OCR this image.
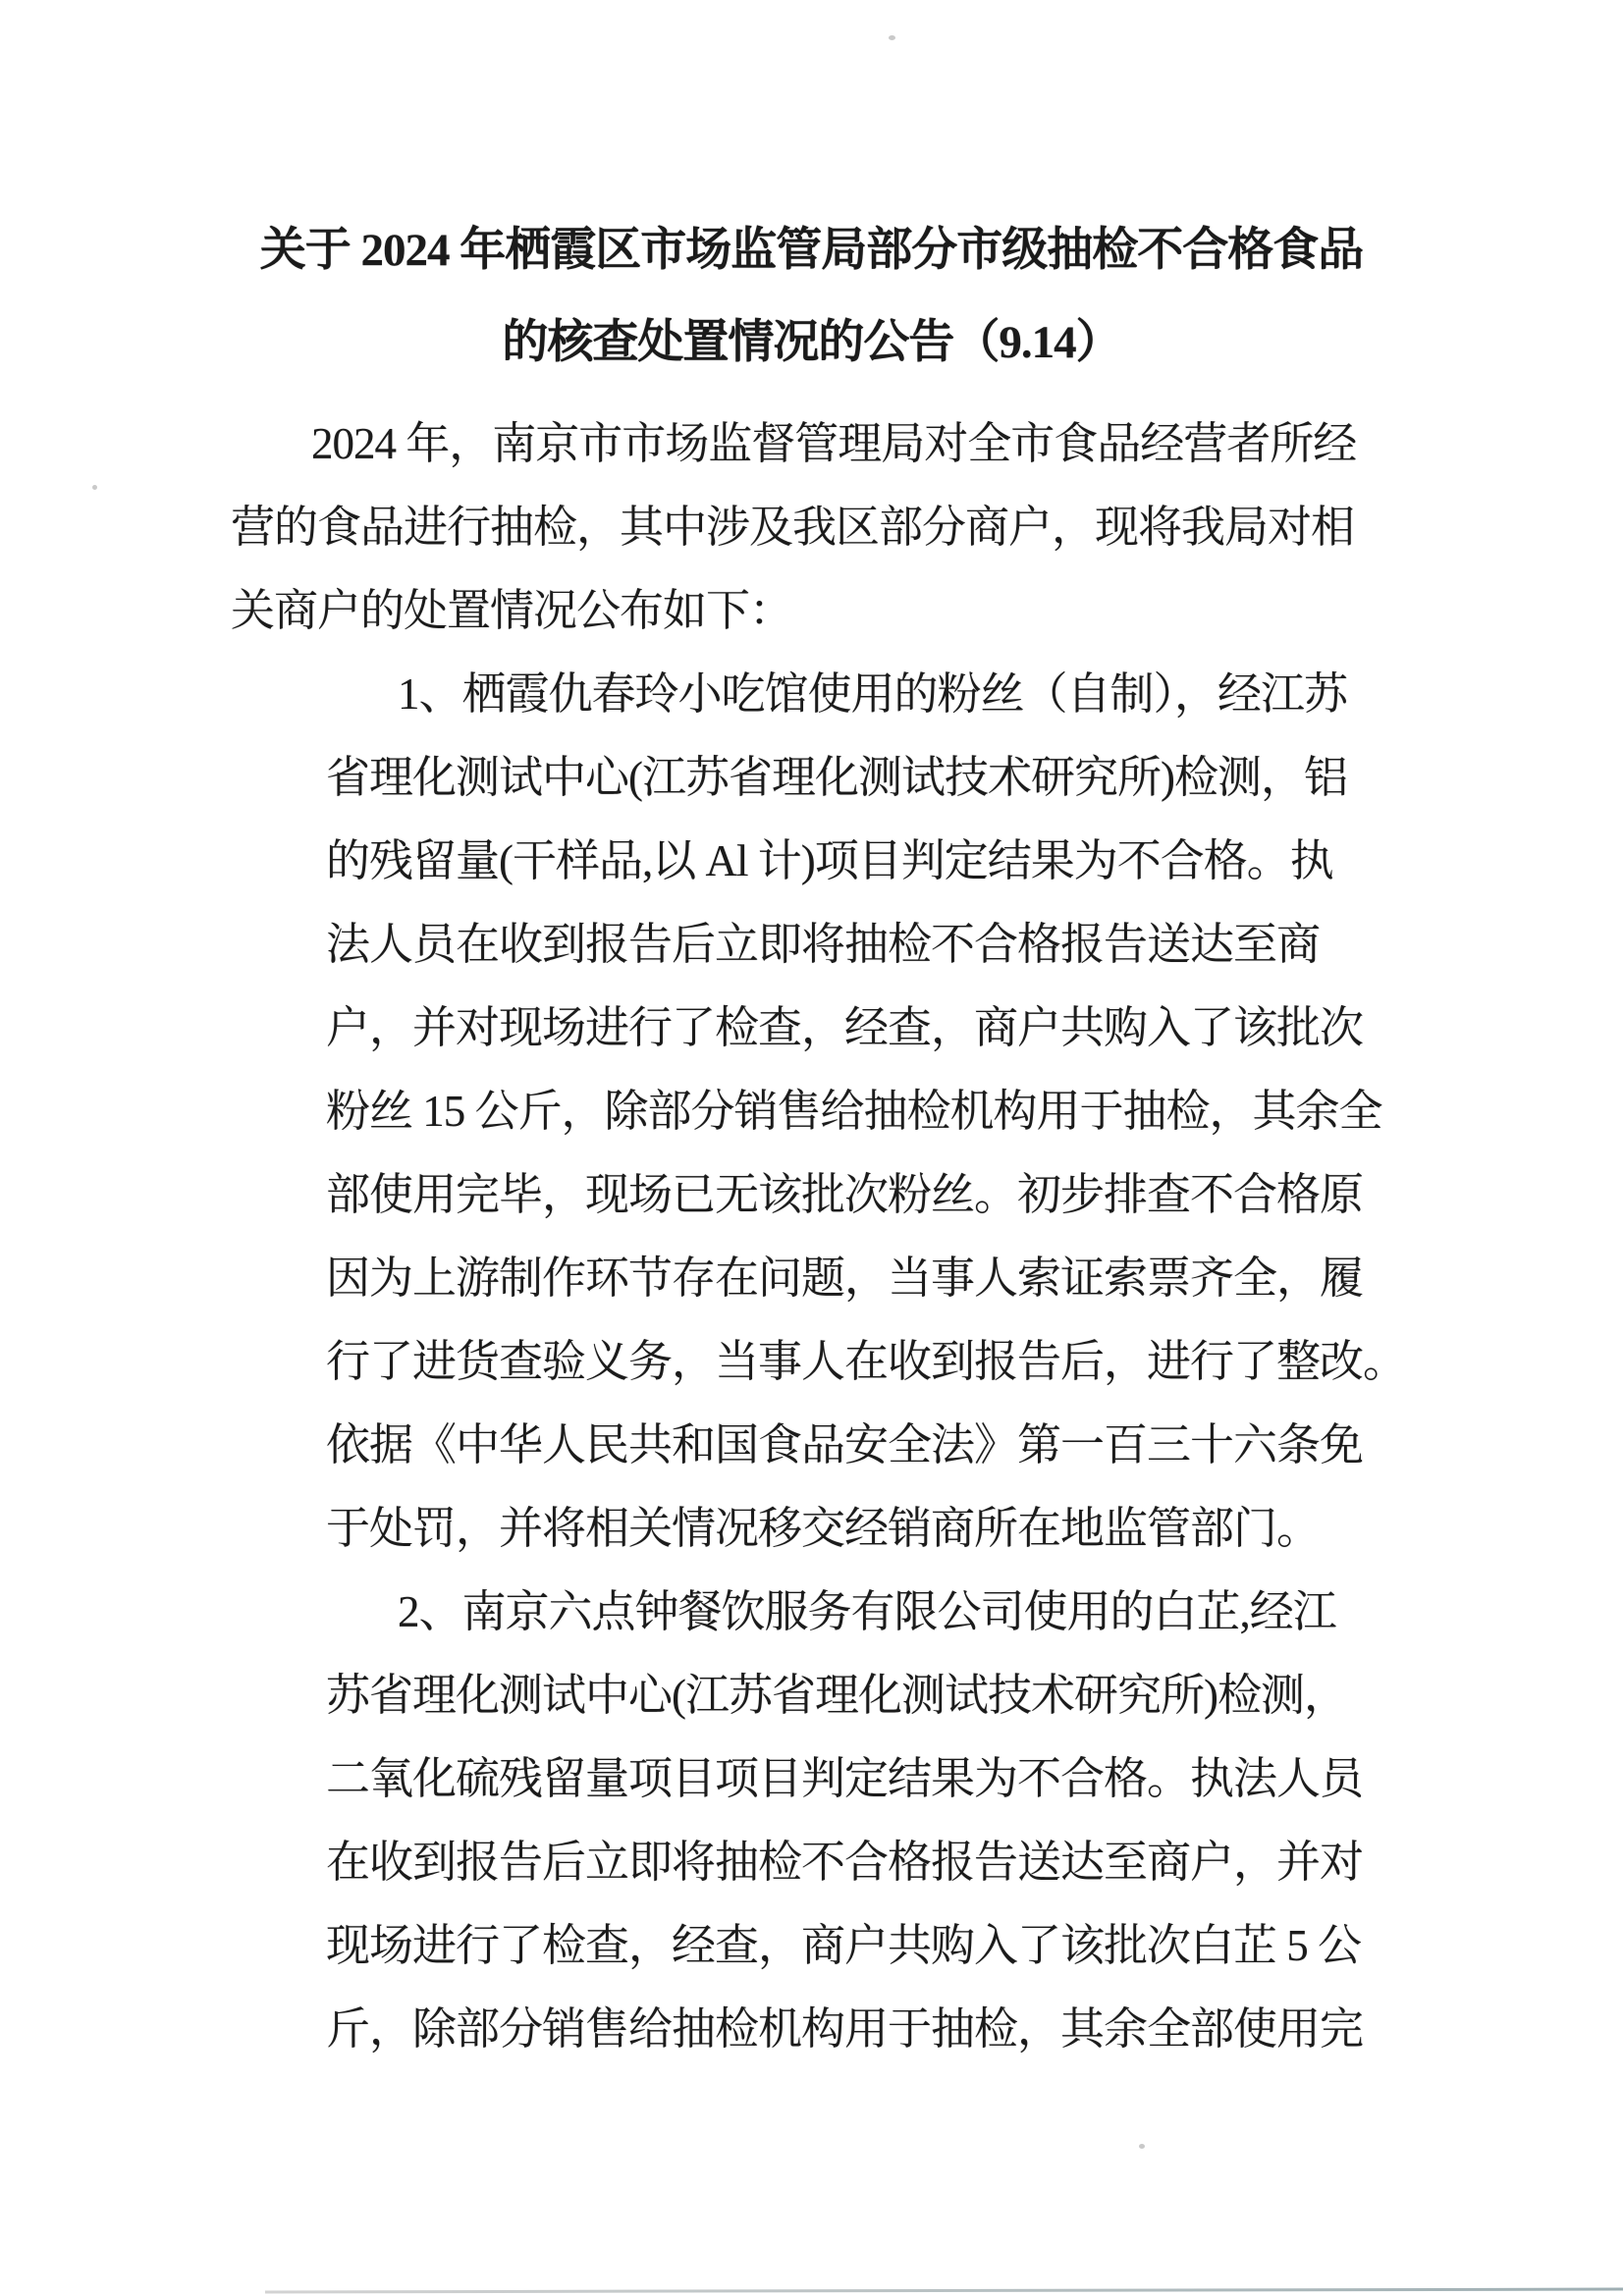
关于 2024 年栖霞区市场监管局部分市级抽检不合格食品
的核查处置情况的公告（9.14）
2024 年，南京市市场监督管理局对全市食品经营者所经
营的食品进行抽检，其中涉及我区部分商户，现将我局对相
关商户的处置情况公布如下：
1、栖霞仇春玲小吃馆使用的粉丝（自制），经江苏
省理化测试中心(江苏省理化测试技术研究所)检测，铝
的残留量(干样品,以 Al 计)项目判定结果为不合格。执
法人员在收到报告后立即将抽检不合格报告送达至商
户，并对现场进行了检查，经查，商户共购入了该批次
粉丝 15 公斤，除部分销售给抽检机构用于抽检，其余全
部使用完毕，现场已无该批次粉丝。初步排查不合格原
因为上游制作环节存在问题，当事人索证索票齐全，履
行了进货查验义务，当事人在收到报告后，进行了整改。
依据《中华人民共和国食品安全法》第一百三十六条免
于处罚，并将相关情况移交经销商所在地监管部门。
2、南京六点钟餐饮服务有限公司使用的白芷,经江
苏省理化测试中心(江苏省理化测试技术研究所)检测，
二氧化硫残留量项目项目判定结果为不合格。执法人员
在收到报告后立即将抽检不合格报告送达至商户，并对
现场进行了检查，经查，商户共购入了该批次白芷 5 公
斤，除部分销售给抽检机构用于抽检，其余全部使用完
